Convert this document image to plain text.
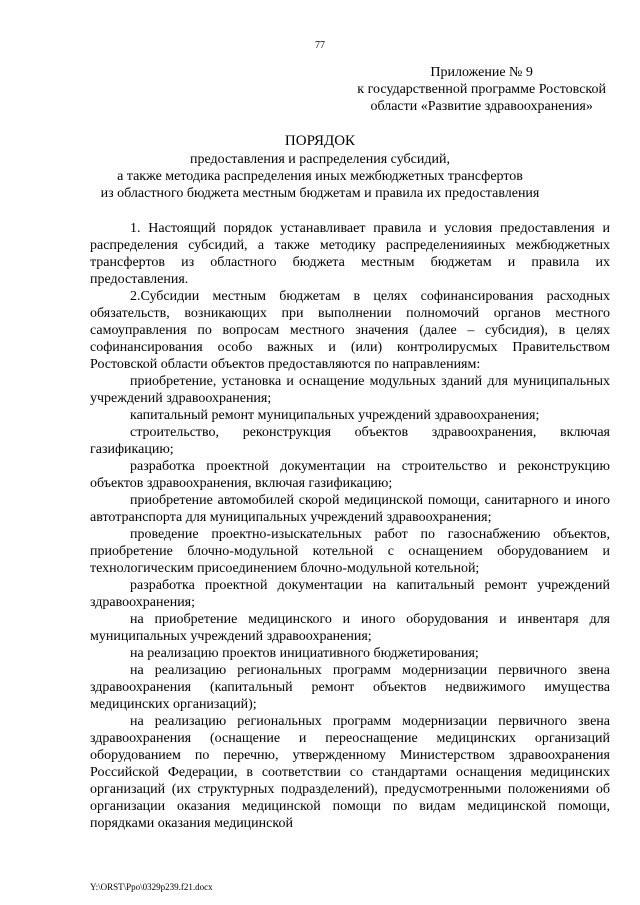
77
Приложение № 9
к государственной программе Ростовской
области «Развитие здравоохранения»
ПОРЯДОК
предоставления и распределения субсидий,
а также методика распределения иных межбюджетных трансфертов
из областного бюджета местным бюджетам и правила их предоставления

1. Настоящий порядок устанавливает правила и условия предоставления и распределения субсидий, а также методику распределенияиных межбюджетных трансфертов из областного бюджета местным бюджетам и правила их предоставления.

2.Субсидии местным бюджетам в целях софинансирования расходных обязательств, возникающих при выполнении полномочий органов местного самоуправления по вопросам местного значения (далее – субсидия), в целях софинансирования особо важных и (или) контролирусмых Правительством Ростовской области объектов предоставляются по направлениям:

приобретение, установка и оснащение модульных зданий для муниципальных учреждений здравоохранения;

капитальный ремонт муниципальных учреждений здравоохранения;

строительство, реконструкция объектов здравоохранения, включая газификацию;

разработка проектной документации на строительство и реконструкцию объектов здравоохранения, включая газификацию;

приобретение автомобилей скорой медицинской помощи, санитарного и иного автотранспорта для муниципальных учреждений здравоохранения;

проведение проектно-изыскательных работ по газоснабжению объектов, приобретение блочно-модульной котельной с оснащением оборудованием и технологическим присоединением блочно-модульной котельной;

разработка проектной документации на капитальный ремонт учреждений здравоохранения;

на приобретение медицинского и иного оборудования и инвентаря для муниципальных учреждений здравоохранения;

на реализацию проектов инициативного бюджетирования;

на реализацию региональных программ модернизации первичного звена здравоохранения (капитальный ремонт объектов недвижимого имущества медицинских организаций);

на реализацию региональных программ модернизации первичного звена здравоохранения (оснащение и переоснащение медицинских организаций оборудованием по перечню, утвержденному Министерством здравоохранения Российской Федерации, в соответствии со стандартами оснащения медицинских организаций (их структурных подразделений), предусмотренными положениями об организации оказания медицинской помощи по видам медицинской помощи, порядками оказания медицинской

Y:\ORST\Ppo\0329p239.f21.docx
